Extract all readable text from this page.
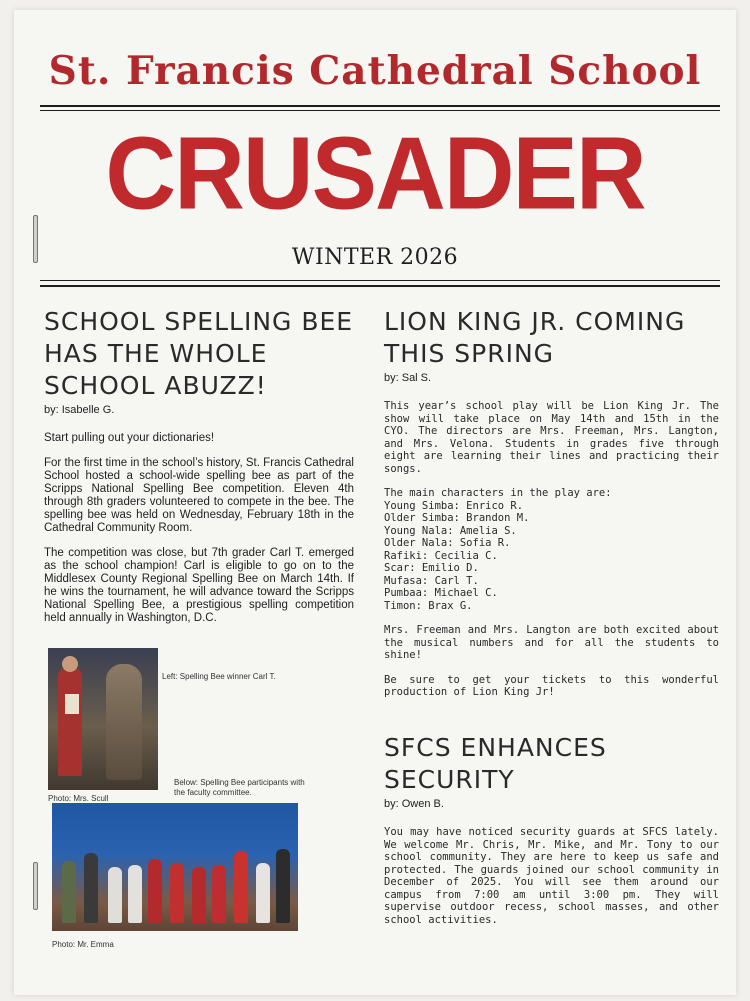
St. Francis Cathedral School
CRUSADER
WINTER 2026
SCHOOL SPELLING BEE HAS THE WHOLE SCHOOL ABUZZ!
by: Isabelle G.

Start pulling out your dictionaries!

For the first time in the school’s history, St. Francis Cathedral School hosted a school-wide spelling bee as part of the Scripps National Spelling Bee competition. Eleven 4th through 8th graders volunteered to compete in the bee. The spelling bee was held on Wednesday, February 18th in the Cathedral Community Room.

The competition was close, but 7th grader Carl T. emerged as the school champion! Carl is eligible to go on to the Middlesex County Regional Spelling Bee on March 14th. If he wins the tournament, he will advance toward the Scripps National Spelling Bee, a prestigious spelling competition held annually in Washington, D.C.

Left: Spelling Bee winner Carl T.
Photo: Mrs. Scull
Below: Spelling Bee participants with the faculty committee.
Photo: Mr. Emma
LION KING JR. COMING THIS SPRING
by: Sal S.

This year’s school play will be Lion King Jr. The show will take place on May 14th and 15th in the CYO. The directors are Mrs. Freeman, Mrs. Langton, and Mrs. Velona. Students in grades five through eight are learning their lines and practicing their songs.

The main characters in the play are:

Young Simba: Enrico R.
Older Simba: Brandon M.
Young Nala: Amelia S.
Older Nala: Sofia R.
Rafiki: Cecilia C.
Scar: Emilio D.
Mufasa: Carl T.
Pumbaa: Michael C.
Timon: Brax G.

Mrs. Freeman and Mrs. Langton are both excited about the musical numbers and for all the students to shine!

Be sure to get your tickets to this wonderful production of Lion King Jr!

SFCS ENHANCES SECURITY
by: Owen B.

You may have noticed security guards at SFCS lately. We welcome Mr. Chris, Mr. Mike, and Mr. Tony to our school community. They are here to keep us safe and protected. The guards joined our school community in December of 2025. You will see them around our campus from 7:00 am until 3:00 pm. They will supervise outdoor recess, school masses, and other school activities.
